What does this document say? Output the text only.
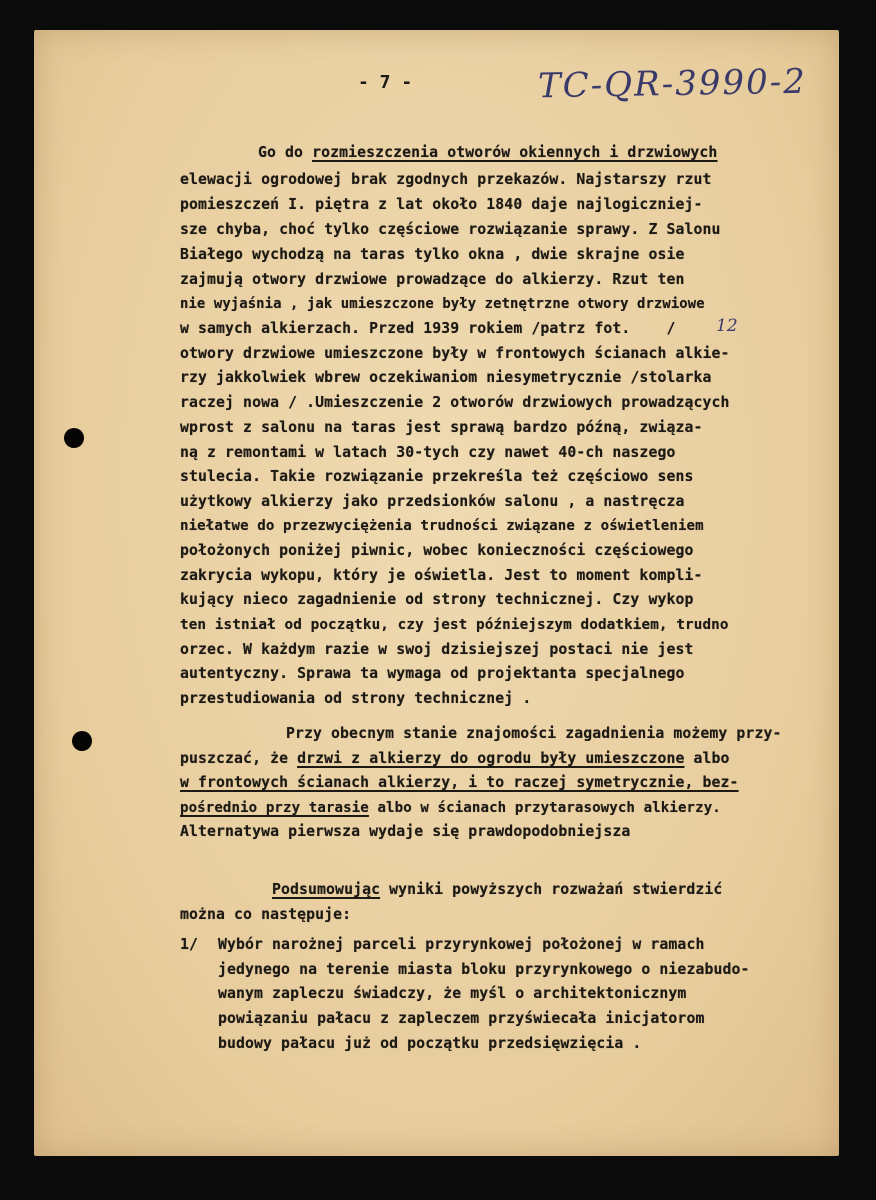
- 7 -	TC-QR-3990-2
Go do rozmieszczenia otworów okiennych i drzwiowych
elewacji ogrodowej brak zgodnych przekazów. Najstarszy rzut
pomieszczeń I. piętra z lat około 1840 daje najlogiczniej-
sze chyba, choć tylko częściowe rozwiązanie sprawy. Z Salonu
Białego wychodzą na taras tylko okna , dwie skrajne osie
zajmują otwory drzwiowe prowadzące do alkierzy. Rzut ten
nie wyjaśnia , jak umieszczone były zetnętrzne otwory drzwiowe
w samych alkierzach. Przed 1939 rokiem /patrz fot.    / 12
otwory drzwiowe umieszczone były w frontowych ścianach alkie-
rzy jakkolwiek wbrew oczekiwaniom niesymetrycznie /stolarka
raczej nowa / .Umieszczenie 2 otworów drzwiowych prowadzących
wprost z salonu na taras jest sprawą bardzo późną, związa-
ną z remontami w latach 30-tych czy nawet 40-ch naszego
stulecia. Takie rozwiązanie przekreśla też częściowo sens
użytkowy alkierzy jako przedsionków salonu , a nastręcza
niełatwe do przezwyciężenia trudności związane z oświetleniem
położonych poniżej piwnic, wobec konieczności częściowego
zakrycia wykopu, który je oświetla. Jest to moment kompli-
kujący nieco zagadnienie od strony technicznej. Czy wykop
ten istniał od początku, czy jest późniejszym dodatkiem, trudno
orzec. W każdym razie w swoj dzisiejszej postaci nie jest
autentyczny. Sprawa ta wymaga od projektanta specjalnego
przestudiowania od strony technicznej .
Przy obecnym stanie znajomości zagadnienia możemy przy-
puszczać, że drzwi z alkierzy do ogrodu były umieszczone albo
w frontowych ścianach alkierzy, i to raczej symetrycznie, bez-
pośrednio przy tarasie albo w ścianach przytarasowych alkierzy.
Alternatywa pierwsza wydaje się prawdopodobniejsza
Podsumowując wyniki powyższych rozważań stwierdzić
można co następuje:
1/ Wybór narożnej parceli przyrynkowej położonej w ramach
jedynego na terenie miasta bloku przyrynkowego o niezabudo-
wanym zapleczu świadczy, że myśl o architektonicznym
powiązaniu pałacu z zapleczem przyświecała inicjatorom
budowy pałacu już od początku przedsięwzięcia .
